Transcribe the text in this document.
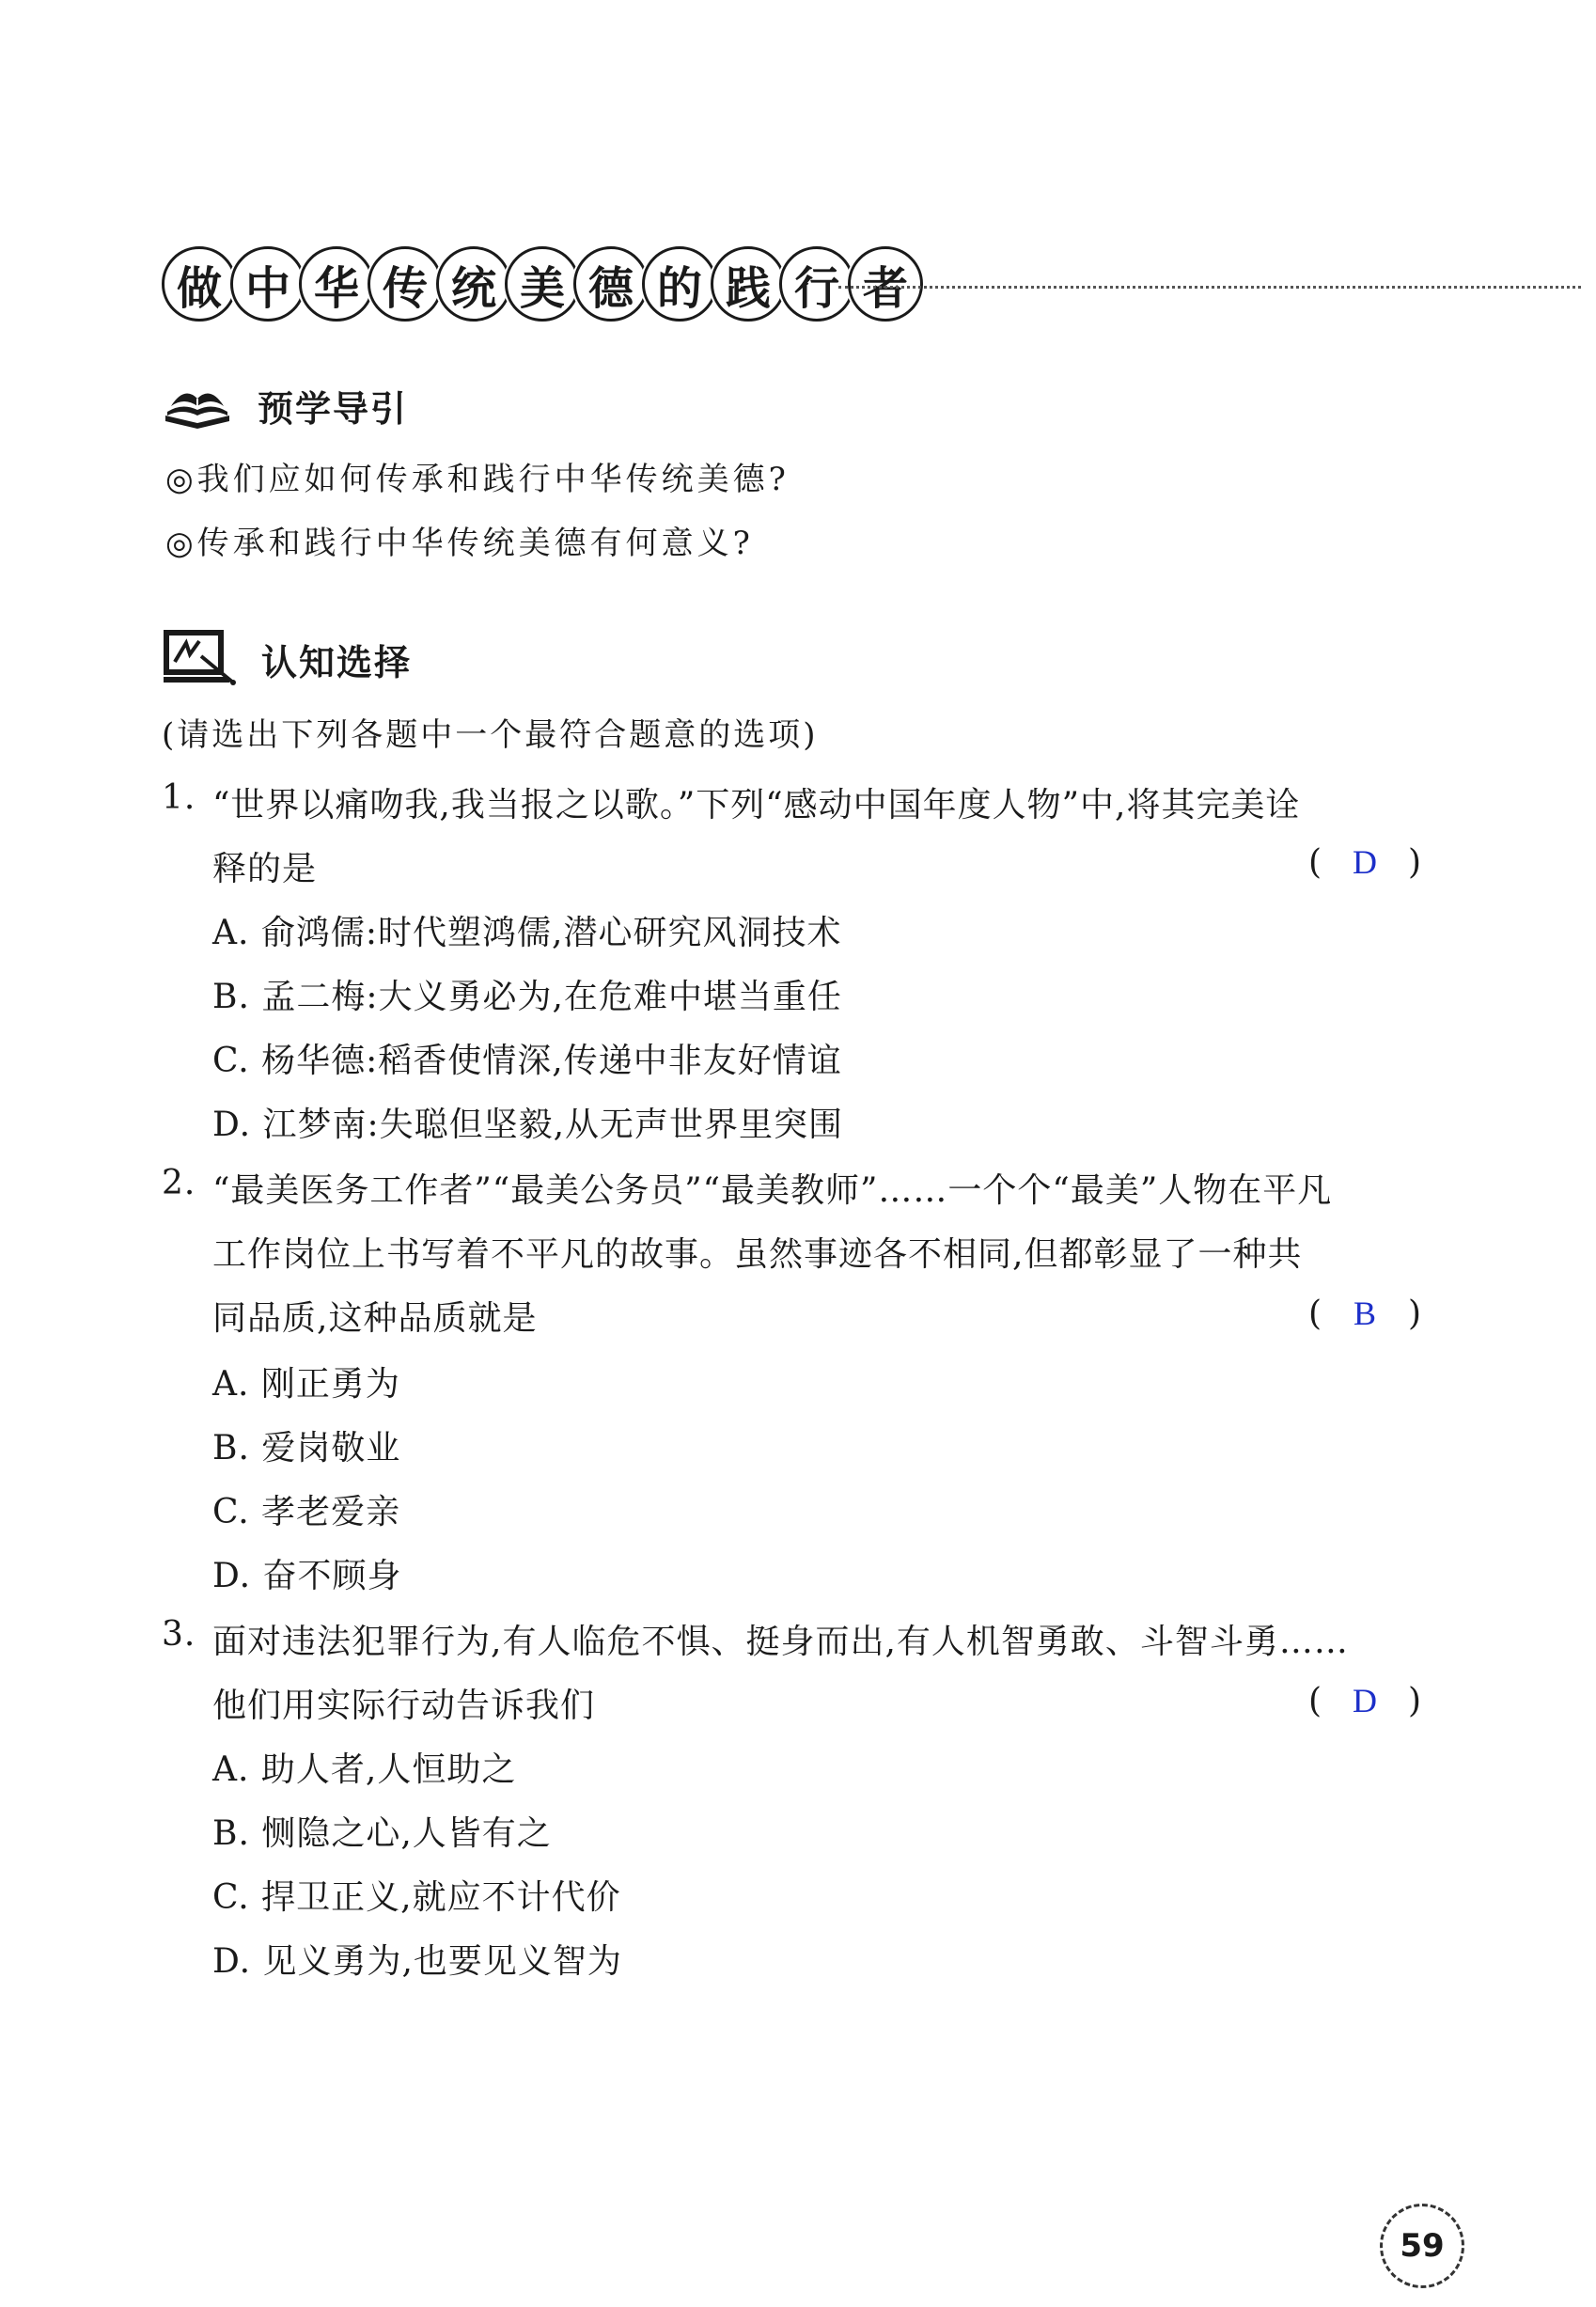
做 中 华 传 统 美 德 的 践 行 者
预学导引
◎我们应如何传承和践行中华传统美德?
◎传承和践行中华传统美德有何意义?
认知选择
(请选出下列各题中一个最符合题意的选项)
1. “世界以痛吻我,我当报之以歌。”下列“感动中国年度人物”中,将其完美诠
释的是	( D )
A. 俞鸿儒:时代塑鸿儒,潜心研究风洞技术
B. 孟二梅:大义勇必为,在危难中堪当重任
C. 杨华德:稻香使情深,传递中非友好情谊
D. 江梦南:失聪但坚毅,从无声世界里突围
2. “最美医务工作者”“最美公务员”“最美教师”……一个个“最美”人物在平凡
工作岗位上书写着不平凡的故事。虽然事迹各不相同,但都彰显了一种共
同品质,这种品质就是	( B )
A. 刚正勇为
B. 爱岗敬业
C. 孝老爱亲
D. 奋不顾身
3. 面对违法犯罪行为,有人临危不惧、挺身而出,有人机智勇敢、斗智斗勇……
他们用实际行动告诉我们	( D )
A. 助人者,人恒助之
B. 恻隐之心,人皆有之
C. 捍卫正义,就应不计代价
D. 见义勇为,也要见义智为
59
